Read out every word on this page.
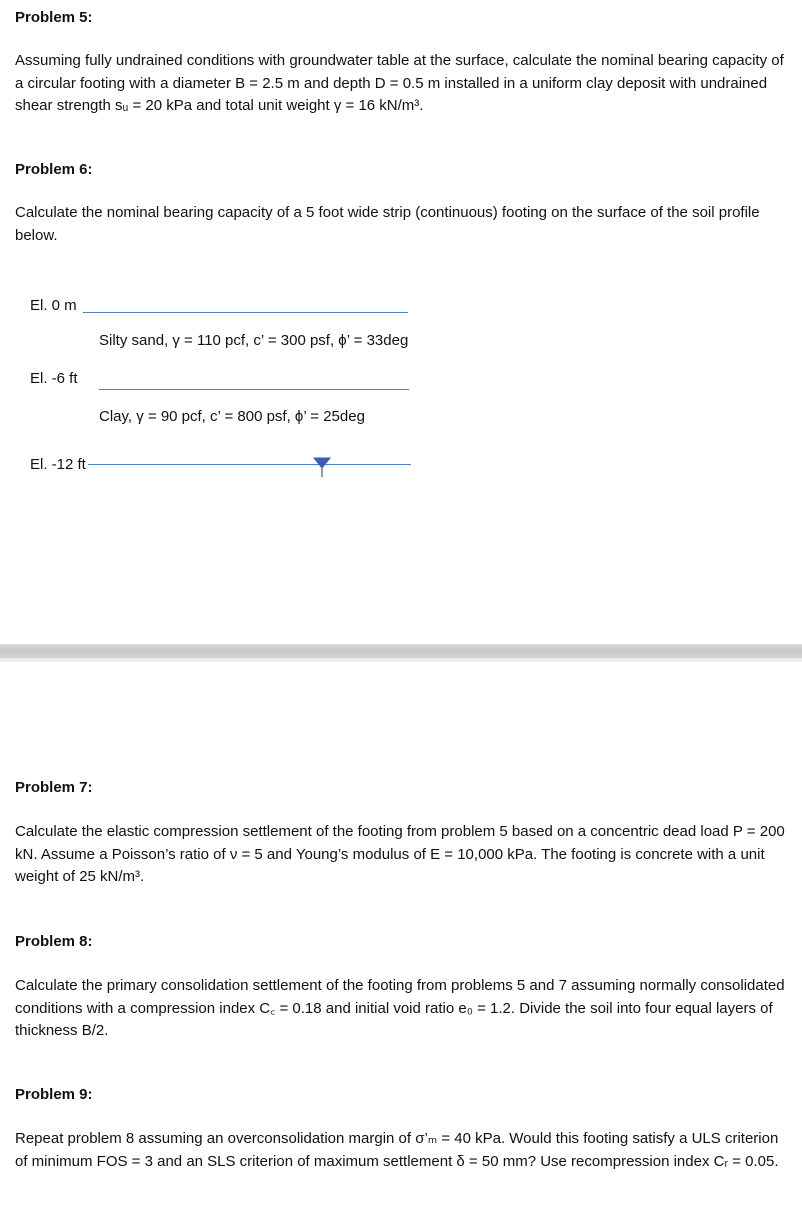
Problem 5:

Assuming fully undrained conditions with groundwater table at the surface, calculate the nominal bearing capacity of a circular footing with a diameter B = 2.5 m and depth D = 0.5 m installed in a uniform clay deposit with undrained shear strength sᵤ = 20 kPa and total unit weight γ = 16 kN/m³.

Problem 6:

Calculate the nominal bearing capacity of a 5 foot wide strip (continuous) footing on the surface of the soil profile below.

El. 0 m
Silty sand, γ = 110 pcf, c’ = 300 psf, ϕ’ = 33deg
El. -6 ft
Clay, γ = 90 pcf, c’ = 800 psf, ϕ’ = 25deg
El. -12 ft
Problem 7:

Calculate the elastic compression settlement of the footing from problem 5 based on a concentric dead load P = 200 kN. Assume a Poisson’s ratio of ν = 5 and Young’s modulus of E = 10,000 kPa. The footing is concrete with a unit weight of 25 kN/m³.

Problem 8:

Calculate the primary consolidation settlement of the footing from problems 5 and 7 assuming normally consolidated conditions with a compression index C꜀ = 0.18 and initial void ratio e₀ = 1.2. Divide the soil into four equal layers of thickness B/2.

Problem 9:

Repeat problem 8 assuming an overconsolidation margin of σ’ₘ = 40 kPa. Would this footing satisfy a ULS criterion of minimum FOS = 3 and an SLS criterion of maximum settlement δ = 50 mm? Use recompression index Cᵣ = 0.05.
